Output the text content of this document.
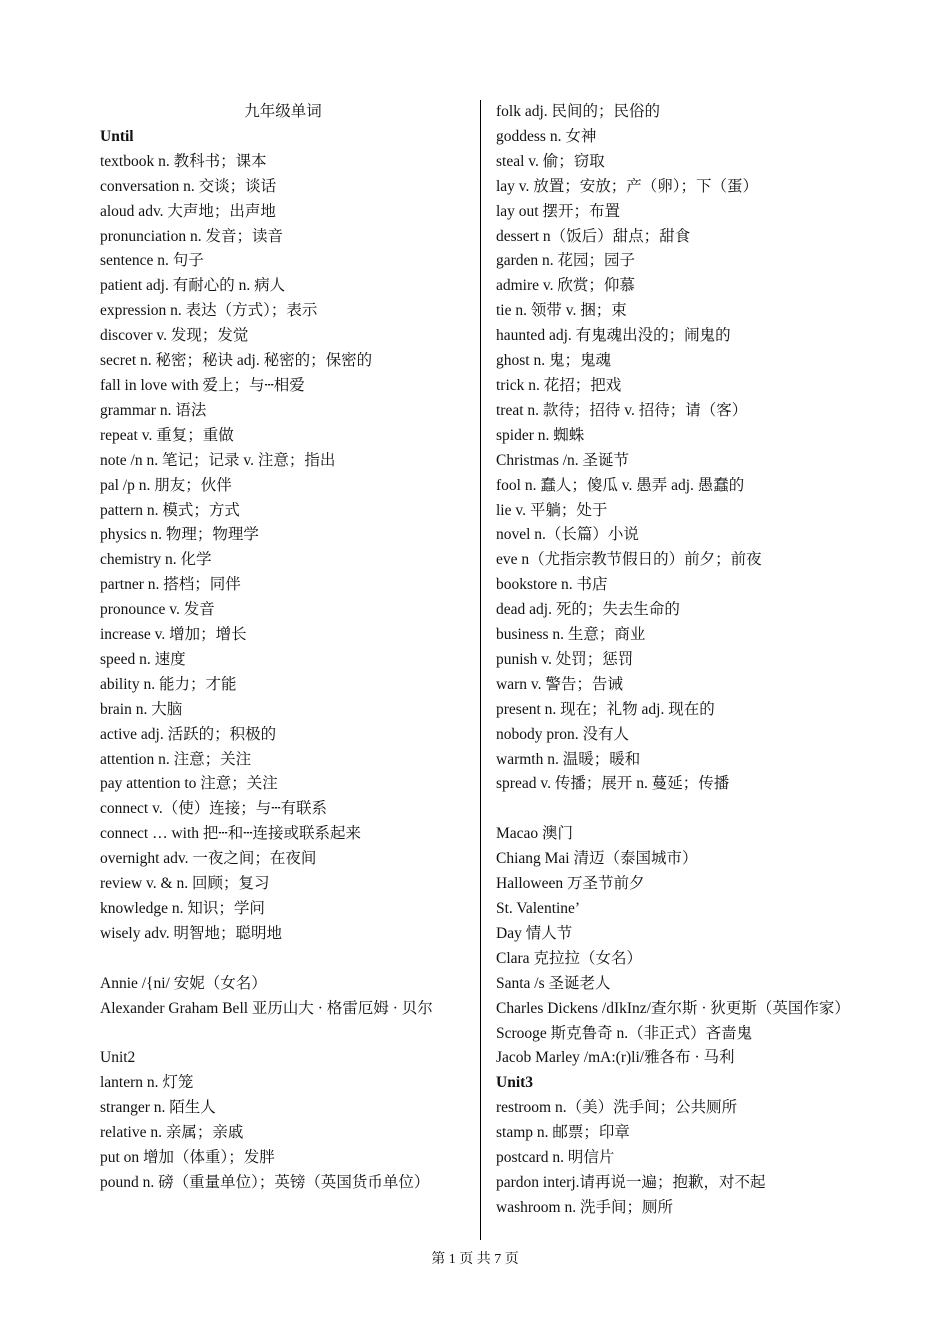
九年级单词
Until
textbook n. 教科书；课本
conversation n. 交谈；谈话
aloud adv. 大声地；出声地
pronunciation n. 发音；读音
sentence n. 句子
patient adj. 有耐心的 n. 病人
expression n. 表达（方式）；表示
discover v. 发现；发觉
secret n. 秘密；秘诀 adj. 秘密的；保密的
fall in love with 爱上；与┄相爱
grammar n. 语法
repeat v. 重复；重做
note /n n. 笔记；记录 v. 注意；指出
pal /p n. 朋友；伙伴
pattern n. 模式；方式
physics n. 物理；物理学
chemistry n. 化学
partner n. 搭档；同伴
pronounce v. 发音
increase v. 增加；增长
speed n. 速度
ability n. 能力；才能
brain n. 大脑
active adj. 活跃的；积极的
attention n. 注意；关注
pay attention to 注意；关注
connect v.（使）连接；与┄有联系
connect … with 把┄和┄连接或联系起来
overnight adv. 一夜之间；在夜间
review v. & n. 回顾；复习
knowledge n. 知识；学问
wisely adv. 明智地；聪明地
Annie /{ni/ 安妮（女名）
Alexander Graham Bell 亚历山大 · 格雷厄姆 · 贝尔
Unit2
lantern n. 灯笼
stranger n. 陌生人
relative n. 亲属；亲戚
put on 增加（体重）；发胖
pound n. 磅（重量单位）；英镑（英国货币单位）
folk adj. 民间的；民俗的
goddess n. 女神
steal v. 偷；窃取
lay v. 放置；安放；产（卵）；下（蛋）
lay out 摆开；布置
dessert n（饭后）甜点；甜食
garden n. 花园；园子
admire v. 欣赏；仰慕
tie n. 领带 v. 捆；束
haunted adj. 有鬼魂出没的；闹鬼的
ghost n. 鬼；鬼魂
trick n. 花招；把戏
treat n. 款待；招待 v. 招待；请（客）
spider n. 蜘蛛
Christmas /n. 圣诞节
fool n. 蠢人；傻瓜 v. 愚弄 adj. 愚蠢的
lie v. 平躺；处于
novel n.（长篇）小说
eve n（尤指宗教节假日的）前夕；前夜
bookstore n. 书店
dead adj. 死的；失去生命的
business n. 生意；商业
punish v. 处罚；惩罚
warn v. 警告；告诫
present n. 现在；礼物 adj. 现在的
nobody pron. 没有人
warmth n. 温暖；暖和
spread v. 传播；展开 n. 蔓延；传播
Macao 澳门
Chiang Mai 清迈（泰国城市）
Halloween 万圣节前夕
St. Valentine’
Day 情人节
Clara 克拉拉（女名）
Santa /s 圣诞老人
Charles Dickens /dIkInz/查尔斯 · 狄更斯（英国作家）
Scrooge 斯克鲁奇 n.（非正式）吝啬鬼
Jacob Marley /mA:(r)li/雅各布 · 马利
Unit3
restroom n.（美）洗手间；公共厕所
stamp n. 邮票；印章
postcard n. 明信片
pardon interj.请再说一遍；抱歉，对不起
washroom n. 洗手间；厕所
第 1 页 共 7 页
